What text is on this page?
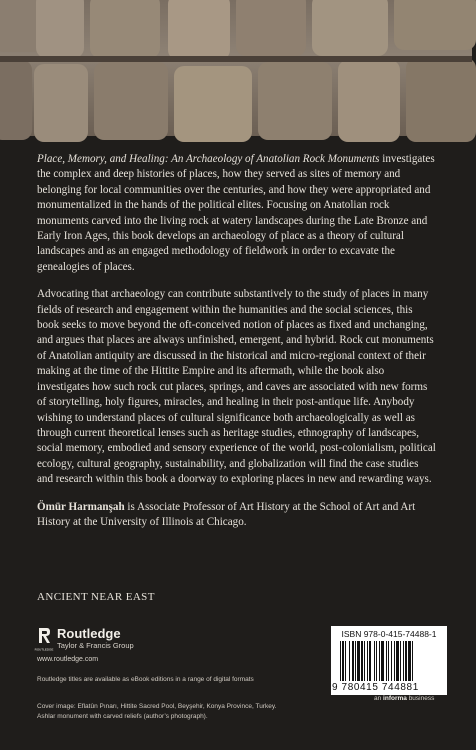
Place, Memory, and Healing: An Archaeology of Anatolian Rock Monuments investigates the complex and deep histories of places, how they served as sites of memory and belonging for local communities over the centuries, and how they were appropriated and monumentalized in the hands of the political elites. Focusing on Anatolian rock monuments carved into the living rock at watery landscapes during the Late Bronze and Early Iron Ages, this book develops an archaeology of place as a theory of cultural landscapes and as an engaged methodology of fieldwork in order to excavate the genealogies of places.

Advocating that archaeology can contribute substantively to the study of places in many fields of research and engagement within the humanities and the social sciences, this book seeks to move beyond the oft-conceived notion of places as fixed and unchanging, and argues that places are always unfinished, emergent, and hybrid. Rock cut monuments of Anatolian antiquity are discussed in the historical and micro-regional context of their making at the time of the Hittite Empire and its aftermath, while the book also investigates how such rock cut places, springs, and caves are associated with new forms of storytelling, holy figures, miracles, and healing in their post-antique life. Anybody wishing to understand places of cultural significance both archaeologically as well as through current theoretical lenses such as heritage studies, ethnography of landscapes, social memory, embodied and sensory experience of the world, post-colonialism, political ecology, cultural geography, sustainability, and globalization will find the case studies and research within this book a doorway to exploring places in new and rewarding ways.

Ömür Harmanşah is Associate Professor of Art History at the School of Art and Art History at the University of Illinois at Chicago.

ANCIENT NEAR EAST
ROUTLEDGE
Routledge
Taylor & Francis Group
www.routledge.com
Routledge titles are available as eBook editions in a range of digital formats
Cover image: Eflatûn Pınarı, Hittite Sacred Pool, Beyşehir, Konya Province, Turkey.
Ashlar monument with carved reliefs (author’s photograph).
ISBN 978-0-415-74488-1
9 780415 744881
an informa business
